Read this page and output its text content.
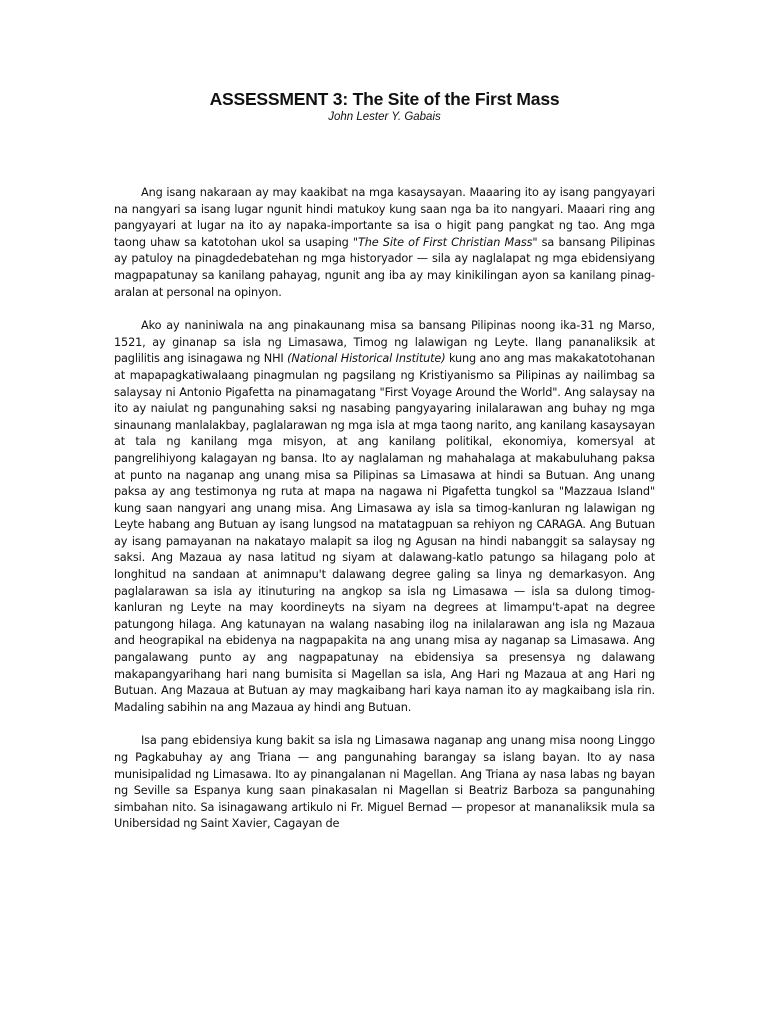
ASSESSMENT 3: The Site of the First Mass

John Lester Y. Gabais

Ang isang nakaraan ay may kaakibat na mga kasaysayan. Maaaring ito ay isang pangyayari na nangyari sa isang lugar ngunit hindi matukoy kung saan nga ba ito nangyari. Maaari ring ang pangyayari at lugar na ito ay napaka-importante sa isa o higit pang pangkat ng tao. Ang mga taong uhaw sa katotohan ukol sa usaping "The Site of First Christian Mass" sa bansang Pilipinas ay patuloy na pinagdedebatehan ng mga historyador — sila ay naglalapat ng mga ebidensiyang magpapatunay sa kanilang pahayag, ngunit ang iba ay may kinikilingan ayon sa kanilang pinag-aralan at personal na opinyon.

Ako ay naniniwala na ang pinakaunang misa sa bansang Pilipinas noong ika-31 ng Marso, 1521, ay ginanap sa isla ng Limasawa, Timog ng lalawigan ng Leyte. Ilang pananaliksik at paglilitis ang isinagawa ng NHI (National Historical Institute) kung ano ang mas makakatotohanan at mapapagkatiwalaang pinagmulan ng pagsilang ng Kristiyanismo sa Pilipinas ay nailimbag sa salaysay ni Antonio Pigafetta na pinamagatang "First Voyage Around the World". Ang salaysay na ito ay naiulat ng pangunahing saksi ng nasabing pangyayaring inilalarawan ang buhay ng mga sinaunang manlalakbay, paglalarawan ng mga isla at mga taong narito, ang kanilang kasaysayan at tala ng kanilang mga misyon, at ang kanilang politikal, ekonomiya, komersyal at pangrelihiyong kalagayan ng bansa. Ito ay naglalaman ng mahahalaga at makabuluhang paksa at punto na naganap ang unang misa sa Pilipinas sa Limasawa at hindi sa Butuan. Ang unang paksa ay ang testimonya ng ruta at mapa na nagawa ni Pigafetta tungkol sa "Mazzaua Island" kung saan nangyari ang unang misa. Ang Limasawa ay isla sa timog-kanluran ng lalawigan ng Leyte habang ang Butuan ay isang lungsod na matatagpuan sa rehiyon ng CARAGA. Ang Butuan ay isang pamayanan na nakatayo malapit sa ilog ng Agusan na hindi nabanggit sa salaysay ng saksi. Ang Mazaua ay nasa latitud ng siyam at dalawang-katlo patungo sa hilagang polo at longhitud na sandaan at animnapu't dalawang degree galing sa linya ng demarkasyon. Ang paglalarawan sa isla ay itinuturing na angkop sa isla ng Limasawa — isla sa dulong timog-kanluran ng Leyte na may koordineyts na siyam na degrees at limampu't-apat na degree patungong hilaga. Ang katunayan na walang nasabing ilog na inilalarawan ang isla ng Mazaua and heograpikal na ebidenya na nagpapakita na ang unang misa ay naganap sa Limasawa. Ang pangalawang punto ay ang nagpapatunay na ebidensiya sa presensya ng dalawang makapangyarihang hari nang bumisita si Magellan sa isla, Ang Hari ng Mazaua at ang Hari ng Butuan. Ang Mazaua at Butuan ay may magkaibang hari kaya naman ito ay magkaibang isla rin. Madaling sabihin na ang Mazaua ay hindi ang Butuan.

Isa pang ebidensiya kung bakit sa isla ng Limasawa naganap ang unang misa noong Linggo ng Pagkabuhay ay ang Triana — ang pangunahing barangay sa islang bayan. Ito ay nasa munisipalidad ng Limasawa. Ito ay pinangalanan ni Magellan. Ang Triana ay nasa labas ng bayan ng Seville sa Espanya kung saan pinakasalan ni Magellan si Beatriz Barboza sa pangunahing simbahan nito. Sa isinagawang artikulo ni Fr. Miguel Bernad — propesor at mananaliksik mula sa Unibersidad ng Saint Xavier, Cagayan de
